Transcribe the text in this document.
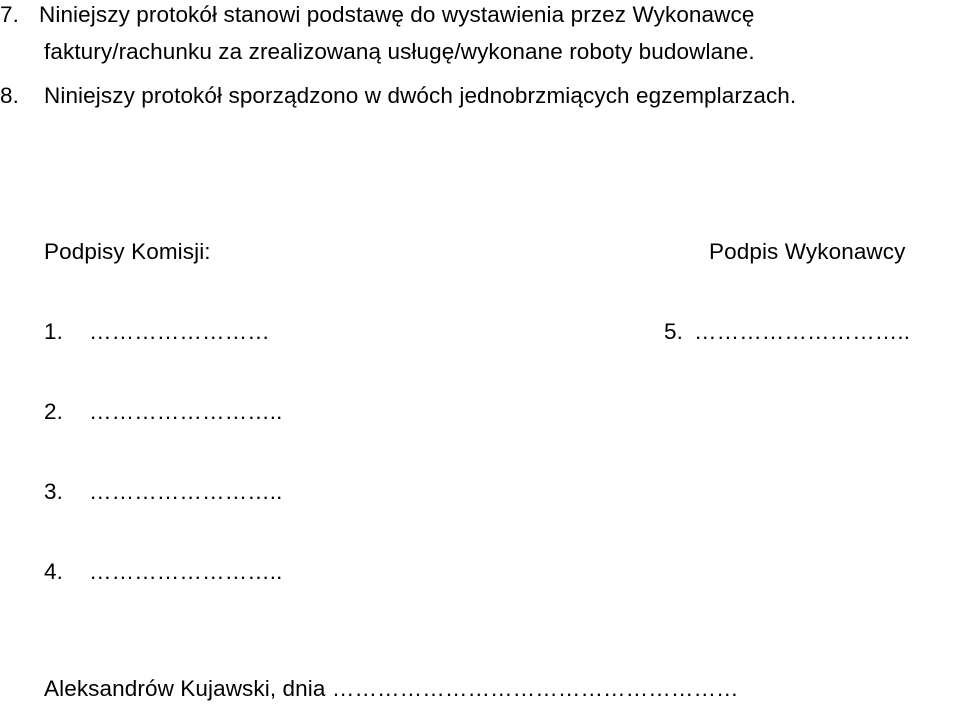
7. Niniejszy protokół stanowi podstawę do wystawienia przez Wykonawcę
faktury/rachunku za zrealizowaną usługę/wykonane roboty budowlane.
8. Niniejszy protokół sporządzono w dwóch jednobrzmiących egzemplarzach.
Podpisy Komisji:	Podpis Wykonawcy
1. ……………………	5. ………………………..
2. ……………………..
3. ……………………..
4. ……………………..
Aleksandrów Kujawski, dnia ………………………………………………
